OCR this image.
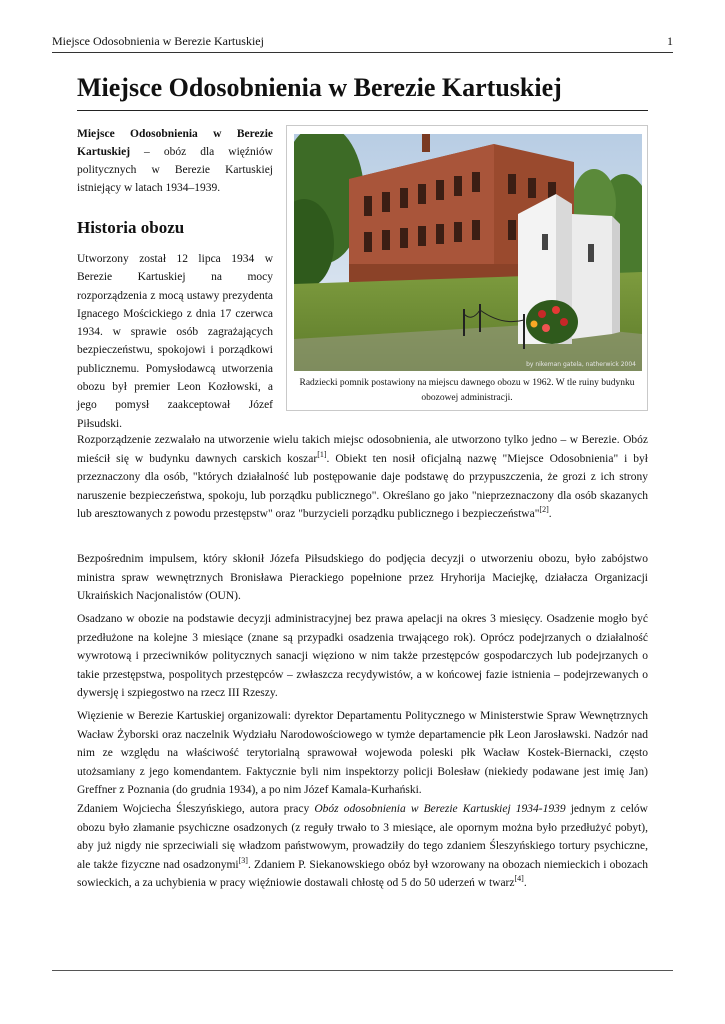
Miejsce Odosobnienia w Berezie Kartuskiej	1
Miejsce Odosobnienia w Berezie Kartuskiej
Miejsce Odosobnienia w Berezie Kartuskiej – obóz dla więźniów politycznych w Berezie Kartuskiej istniejący w latach 1934–1939.
Historia obozu
Utworzony został 12 lipca 1934 w Berezie Kartuskiej na mocy rozporządzenia z mocą ustawy prezydenta Ignacego Mościckiego z dnia 17 czerwca 1934. w sprawie osób zagrażających bezpieczeństwu, spokojowi i porządkowi publicznemu. Pomysłodawcą utworzenia obozu był premier Leon Kozłowski, a jego pomysł zaakceptował Józef Piłsudski.
by nikeman gatela, natherwick 2004
Radziecki pomnik postawiony na miejscu dawnego obozu w 1962. W tle ruiny budynku obozowej administracji.

Rozporządzenie zezwalało na utworzenie wielu takich miejsc odosobnienia, ale utworzono tylko jedno – w Berezie. Obóz mieścił się w budynku dawnych carskich koszar[1]. Obiekt ten nosił oficjalną nazwę "Miejsce Odosobnienia" i był przeznaczony dla osób, "których działalność lub postępowanie daje podstawę do przypuszczenia, że grozi z ich strony naruszenie bezpieczeństwa, spokoju, lub porządku publicznego". Określano go jako "nieprzeznaczony dla osób skazanych lub aresztowanych z powodu przestępstw" oraz "burzycieli porządku publicznego i bezpieczeństwa"[2].

Bezpośrednim impulsem, który skłonił Józefa Piłsudskiego do podjęcia decyzji o utworzeniu obozu, było zabójstwo ministra spraw wewnętrznych Bronisława Pierackiego popełnione przez Hryhorija Maciejkę, działacza Organizacji Ukraińskich Nacjonalistów (OUN).

Osadzano w obozie na podstawie decyzji administracyjnej bez prawa apelacji na okres 3 miesięcy. Osadzenie mogło być przedłużone na kolejne 3 miesiące (znane są przypadki osadzenia trwającego rok). Oprócz podejrzanych o działalność wywrotową i przeciwników politycznych sanacji więziono w nim także przestępców gospodarczych lub podejrzanych o takie przestępstwa, pospolitych przestępców – zwłaszcza recydywistów, a w końcowej fazie istnienia – podejrzewanych o dywersję i szpiegostwo na rzecz III Rzeszy.

Więzienie w Berezie Kartuskiej organizowali: dyrektor Departamentu Politycznego w Ministerstwie Spraw Wewnętrznych Wacław Żyborski oraz naczelnik Wydziału Narodowościowego w tymże departamencie płk Leon Jarosławski. Nadzór nad nim ze względu na właściwość terytorialną sprawował wojewoda poleski płk Wacław Kostek-Biernacki, często utożsamiany z jego komendantem. Faktycznie byli nim inspektorzy policji Bolesław (niekiedy podawane jest imię Jan) Greffner z Poznania (do grudnia 1934), a po nim Józef Kamala-Kurhański.

Zdaniem Wojciecha Śleszyńskiego, autora pracy Obóz odosobnienia w Berezie Kartuskiej 1934-1939 jednym z celów obozu było złamanie psychiczne osadzonych (z reguły trwało to 3 miesiące, ale opornym można było przedłużyć pobyt), aby już nigdy nie sprzeciwiali się władzom państwowym, prowadziły do tego zdaniem Śleszyńskiego tortury psychiczne, ale także fizyczne nad osadzonymi[3]. Zdaniem P. Siekanowskiego obóz był wzorowany na obozach niemieckich i obozach sowieckich, a za uchybienia w pracy więźniowie dostawali chłostę od 5 do 50 uderzeń w twarz[4].
